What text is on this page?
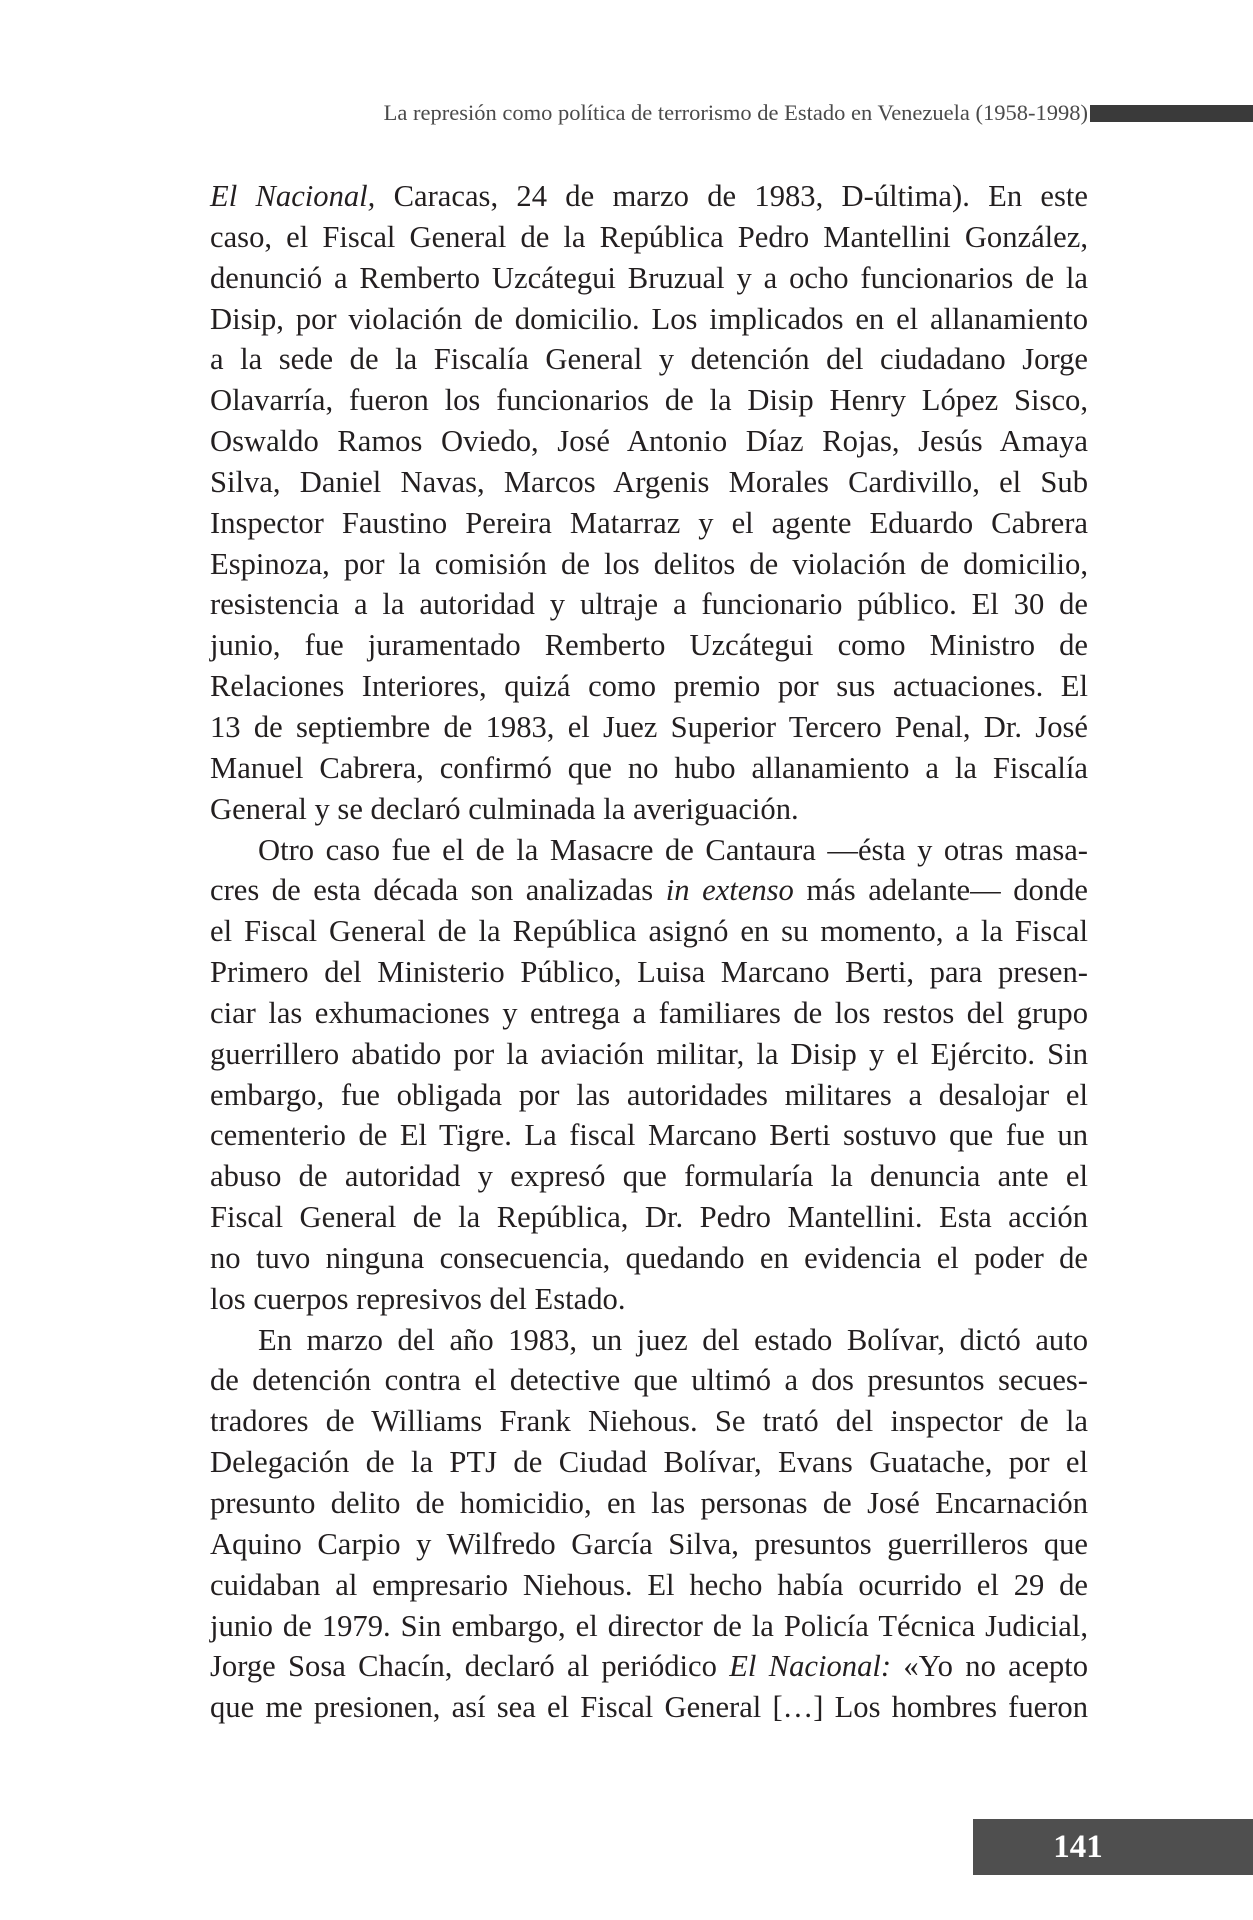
La represión como política de terrorismo de Estado en Venezuela (1958-1998)
El Nacional, Caracas, 24 de marzo de 1983, D-última). En este
caso, el Fiscal General de la República Pedro Mantellini González,
denunció a Remberto Uzcátegui Bruzual y a ocho funcionarios de la
Disip, por violación de domicilio. Los implicados en el allanamiento
a la sede de la Fiscalía General y detención del ciudadano Jorge
Olavarría, fueron los funcionarios de la Disip Henry López Sisco,
Oswaldo Ramos Oviedo, José Antonio Díaz Rojas, Jesús Amaya
Silva, Daniel Navas, Marcos Argenis Morales Cardivillo, el Sub
Inspector Faustino Pereira Matarraz y el agente Eduardo Cabrera
Espinoza, por la comisión de los delitos de violación de domicilio,
resistencia a la autoridad y ultraje a funcionario público. El 30 de
junio, fue juramentado Remberto Uzcátegui como Ministro de
Relaciones Interiores, quizá como premio por sus actuaciones. El
13 de septiembre de 1983, el Juez Superior Tercero Penal, Dr. José
Manuel Cabrera, confirmó que no hubo allanamiento a la Fiscalía
General y se declaró culminada la averiguación.
Otro caso fue el de la Masacre de Cantaura —ésta y otras masa-
cres de esta década son analizadas in extenso más adelante— donde
el Fiscal General de la República asignó en su momento, a la Fiscal
Primero del Ministerio Público, Luisa Marcano Berti, para presen-
ciar las exhumaciones y entrega a familiares de los restos del grupo
guerrillero abatido por la aviación militar, la Disip y el Ejército. Sin
embargo, fue obligada por las autoridades militares a desalojar el
cementerio de El Tigre. La fiscal Marcano Berti sostuvo que fue un
abuso de autoridad y expresó que formularía la denuncia ante el
Fiscal General de la República, Dr. Pedro Mantellini. Esta acción
no tuvo ninguna consecuencia, quedando en evidencia el poder de
los cuerpos represivos del Estado.
En marzo del año 1983, un juez del estado Bolívar, dictó auto
de detención contra el detective que ultimó a dos presuntos secues-
tradores de Williams Frank Niehous. Se trató del inspector de la
Delegación de la PTJ de Ciudad Bolívar, Evans Guatache, por el
presunto delito de homicidio, en las personas de José Encarnación
Aquino Carpio y Wilfredo García Silva, presuntos guerrilleros que
cuidaban al empresario Niehous. El hecho había ocurrido el 29 de
junio de 1979. Sin embargo, el director de la Policía Técnica Judicial,
Jorge Sosa Chacín, declaró al periódico El Nacional: «Yo no acepto
que me presionen, así sea el Fiscal General […] Los hombres fueron
141
